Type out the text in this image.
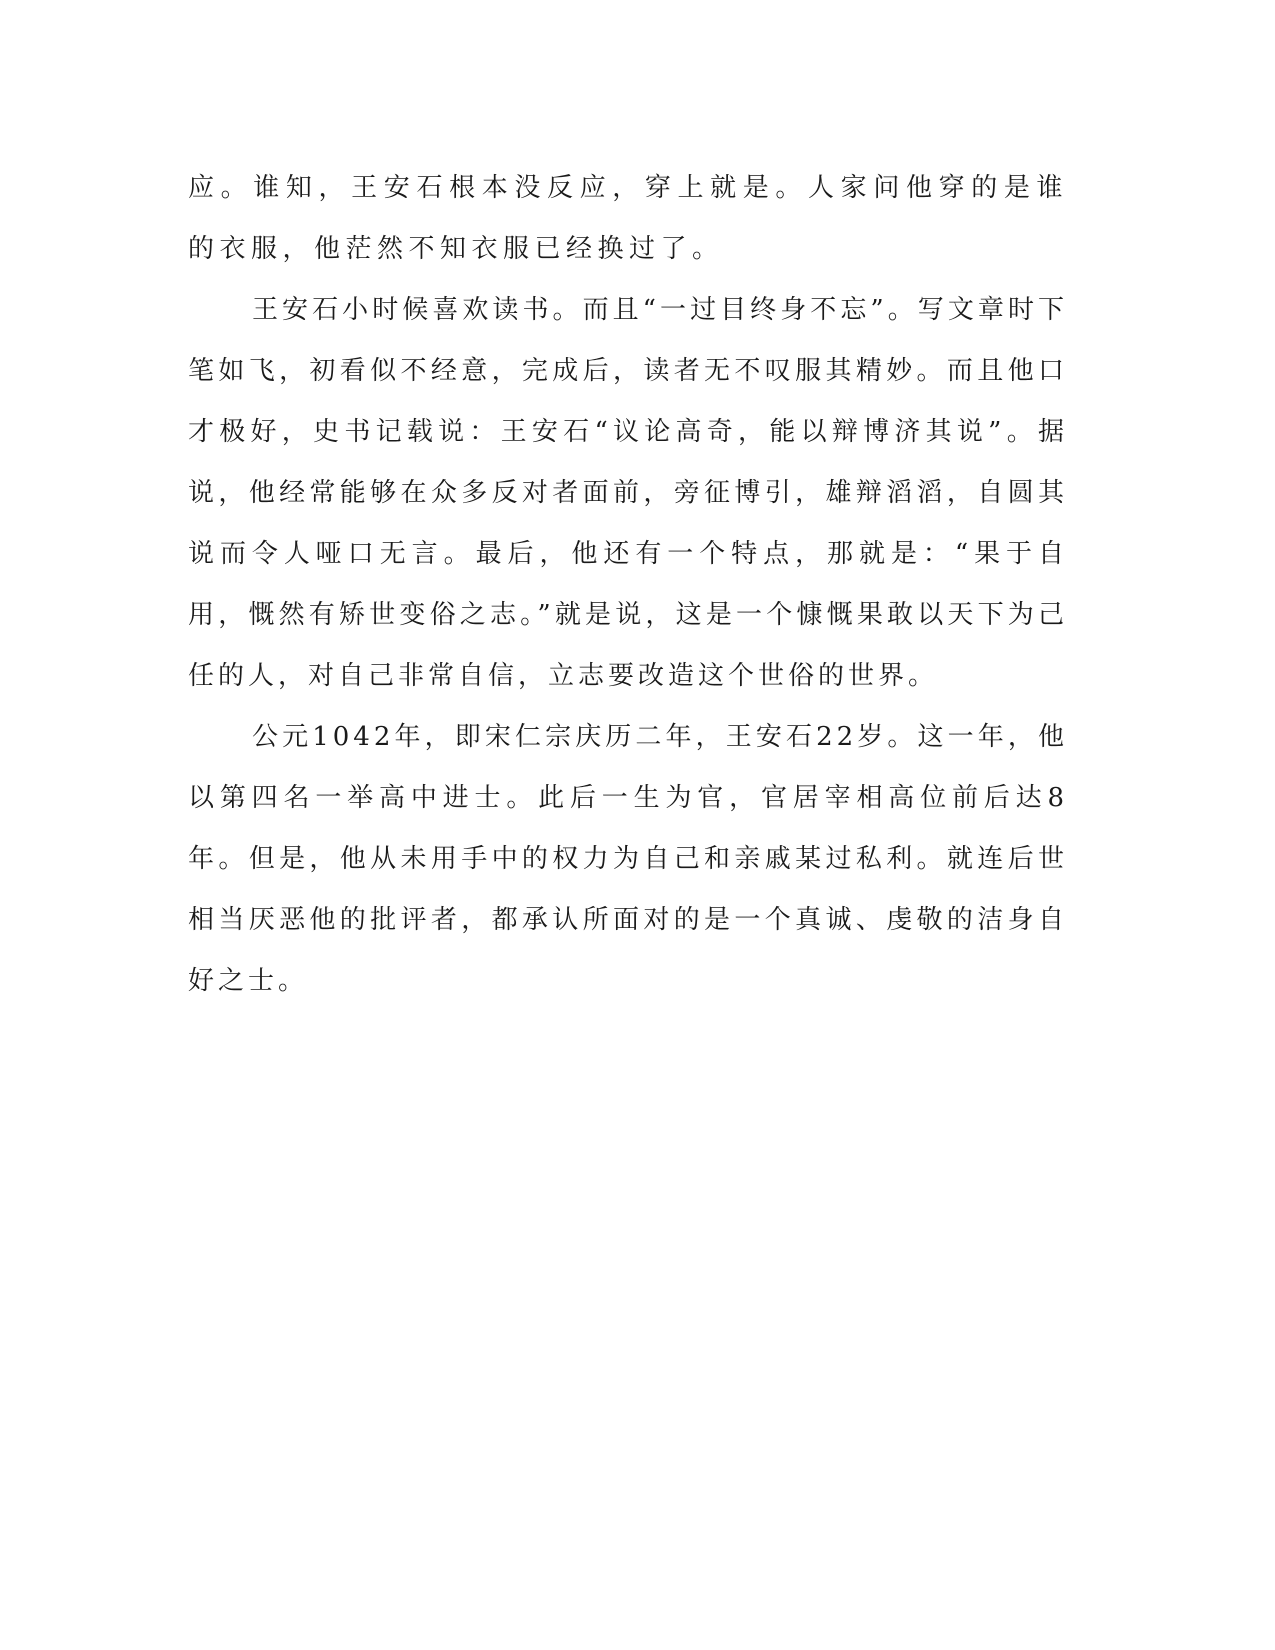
应。谁知，王安石根本没反应，穿上就是。人家问他穿的是谁的衣服，他茫然不知衣服已经换过了。

王安石小时候喜欢读书。而且“一过目终身不忘”。写文章时下笔如飞，初看似不经意，完成后，读者无不叹服其精妙。而且他口才极好，史书记载说：王安石“议论高奇，能以辩博济其说”。据说，他经常能够在众多反对者面前，旁征博引，雄辩滔滔，自圆其说而令人哑口无言。最后，他还有一个特点，那就是：“果于自用，慨然有矫世变俗之志。”就是说，这是一个慷慨果敢以天下为己任的人，对自己非常自信，立志要改造这个世俗的世界。

公元1042年，即宋仁宗庆历二年，王安石22岁。这一年，他以第四名一举高中进士。此后一生为官，官居宰相高位前后达8年。但是，他从未用手中的权力为自己和亲戚某过私利。就连后世相当厌恶他的批评者，都承认所面对的是一个真诚、虔敬的洁身自好之士。
